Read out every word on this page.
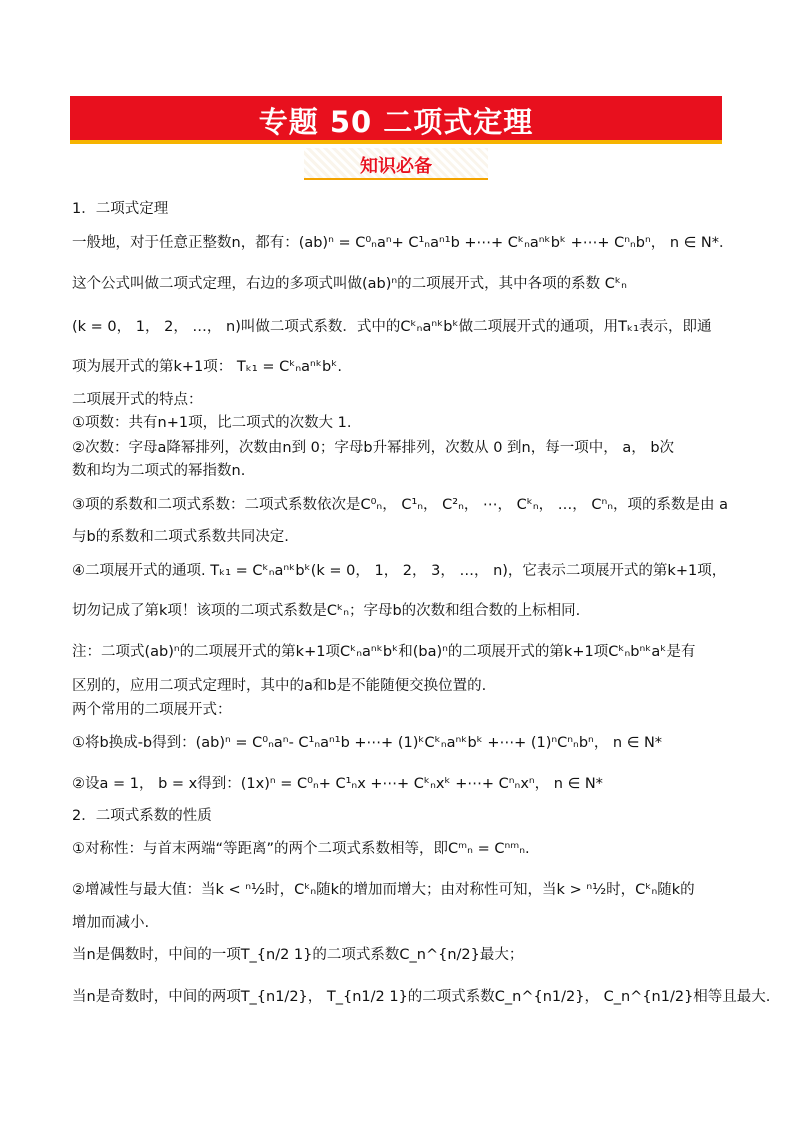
专题 50 二项式定理
知识必备
1．二项式定理
一般地，对于任意正整数n，都有：(ab)ⁿ = C⁰ₙaⁿ+ C¹ₙaⁿ¹b +⋯+ Cᵏₙaⁿᵏbᵏ +⋯+ Cⁿₙbⁿ， n ∈ N*．
这个公式叫做二项式定理，右边的多项式叫做(ab)ⁿ的二项展开式，其中各项的系数 Cᵏₙ
(k = 0， 1， 2， …， n)叫做二项式系数．式中的Cᵏₙaⁿᵏbᵏ做二项展开式的通项，用Tₖ₁表示，即通
项为展开式的第k+1项： Tₖ₁ = Cᵏₙaⁿᵏbᵏ.
二项展开式的特点：
①项数：共有n+1项，比二项式的次数大 1.
②次数：字母a降幂排列，次数由n到 0；字母b升幂排列，次数从 0 到n，每一项中， a， b次
数和均为二项式的幂指数n.
③项的系数和二项式系数：二项式系数依次是C⁰ₙ， C¹ₙ， C²ₙ， ⋯， Cᵏₙ， …， Cⁿₙ，项的系数是由 a
与b的系数和二项式系数共同决定.
④二项展开式的通项. Tₖ₁ = Cᵏₙaⁿᵏbᵏ(k = 0， 1， 2， 3， …， n)，它表示二项展开式的第k+1项，
切勿记成了第k项！该项的二项式系数是Cᵏₙ；字母b的次数和组合数的上标相同.
注：二项式(ab)ⁿ的二项展开式的第k+1项Cᵏₙaⁿᵏbᵏ和(ba)ⁿ的二项展开式的第k+1项Cᵏₙbⁿᵏaᵏ是有
区别的，应用二项式定理时，其中的a和b是不能随便交换位置的.
两个常用的二项展开式：
①将b换成-b得到：(ab)ⁿ = C⁰ₙaⁿ- C¹ₙaⁿ¹b +⋯+ (1)ᵏCᵏₙaⁿᵏbᵏ +⋯+ (1)ⁿCⁿₙbⁿ， n ∈ N*
②设a = 1， b = x得到：(1x)ⁿ = C⁰ₙ+ C¹ₙx +⋯+ Cᵏₙxᵏ +⋯+ Cⁿₙxⁿ， n ∈ N*
2．二项式系数的性质
①对称性：与首末两端“等距离”的两个二项式系数相等，即Cᵐₙ = Cⁿᵐₙ.
②增减性与最大值：当k < ⁿ¹⁄₂时，Cᵏₙ随k的增加而增大；由对称性可知，当k > ⁿ¹⁄₂时，Cᵏₙ随k的
增加而减小.
当n是偶数时，中间的一项T_{n/2 1}的二项式系数C_n^{n/2}最大；
当n是奇数时，中间的两项T_{n1/2}， T_{n1/2 1}的二项式系数C_n^{n1/2}， C_n^{n1/2}相等且最大.
